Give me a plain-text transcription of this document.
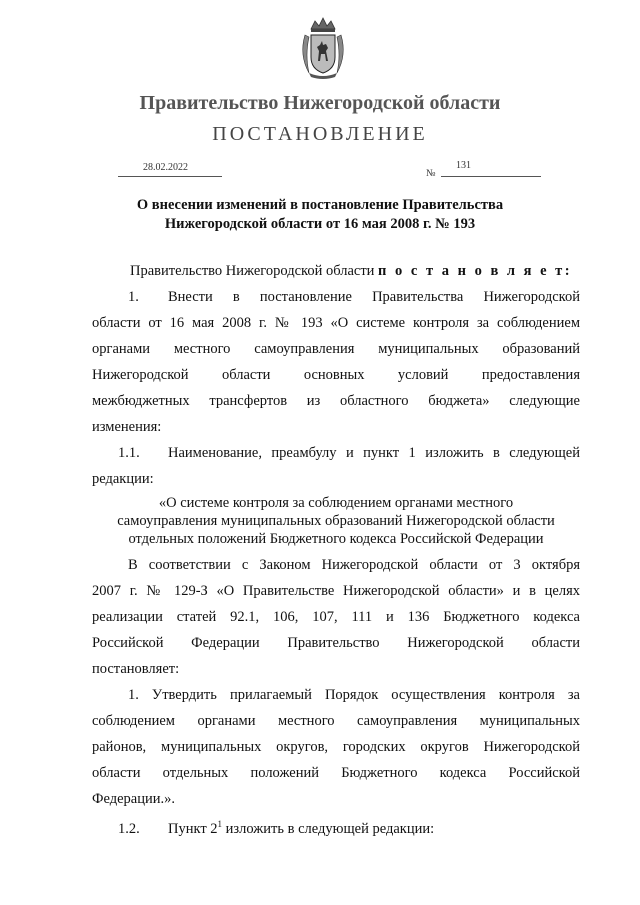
Правительство Нижегородской области
ПОСТАНОВЛЕНИЕ
28.02.2022
№
131
О внесении изменений в постановление Правительства
Нижегородской области от 16 мая 2008 г. № 193
Правительство Нижегородской области п о с т а н о в л я е т:
1.	Внести в постановление Правительства Нижегородской
области от 16 мая 2008 г. № 193 «О системе контроля за соблюдением
органами местного самоуправления муниципальных образований
Нижегородской области основных условий предоставления
межбюджетных трансфертов из областного бюджета» следующие
изменения:
1.1.	Наименование, преамбулу и пункт 1 изложить в следующей
редакции:
«О системе контроля за соблюдением органами местного
самоуправления муниципальных образований Нижегородской области
отдельных положений Бюджетного кодекса Российской Федерации
В соответствии с Законом Нижегородской области от 3 октября
2007 г. № 129-З «О Правительстве Нижегородской области» и в целях
реализации статей 92.1, 106, 107, 111 и 136 Бюджетного кодекса
Российской Федерации Правительство Нижегородской области
постановляет:
1. Утвердить прилагаемый Порядок осуществления контроля за
соблюдением органами местного самоуправления муниципальных
районов, муниципальных округов, городских округов Нижегородской
области отдельных положений Бюджетного кодекса Российской
Федерации.».
1.2. Пункт $2^1$ изложить в следующей редакции:
